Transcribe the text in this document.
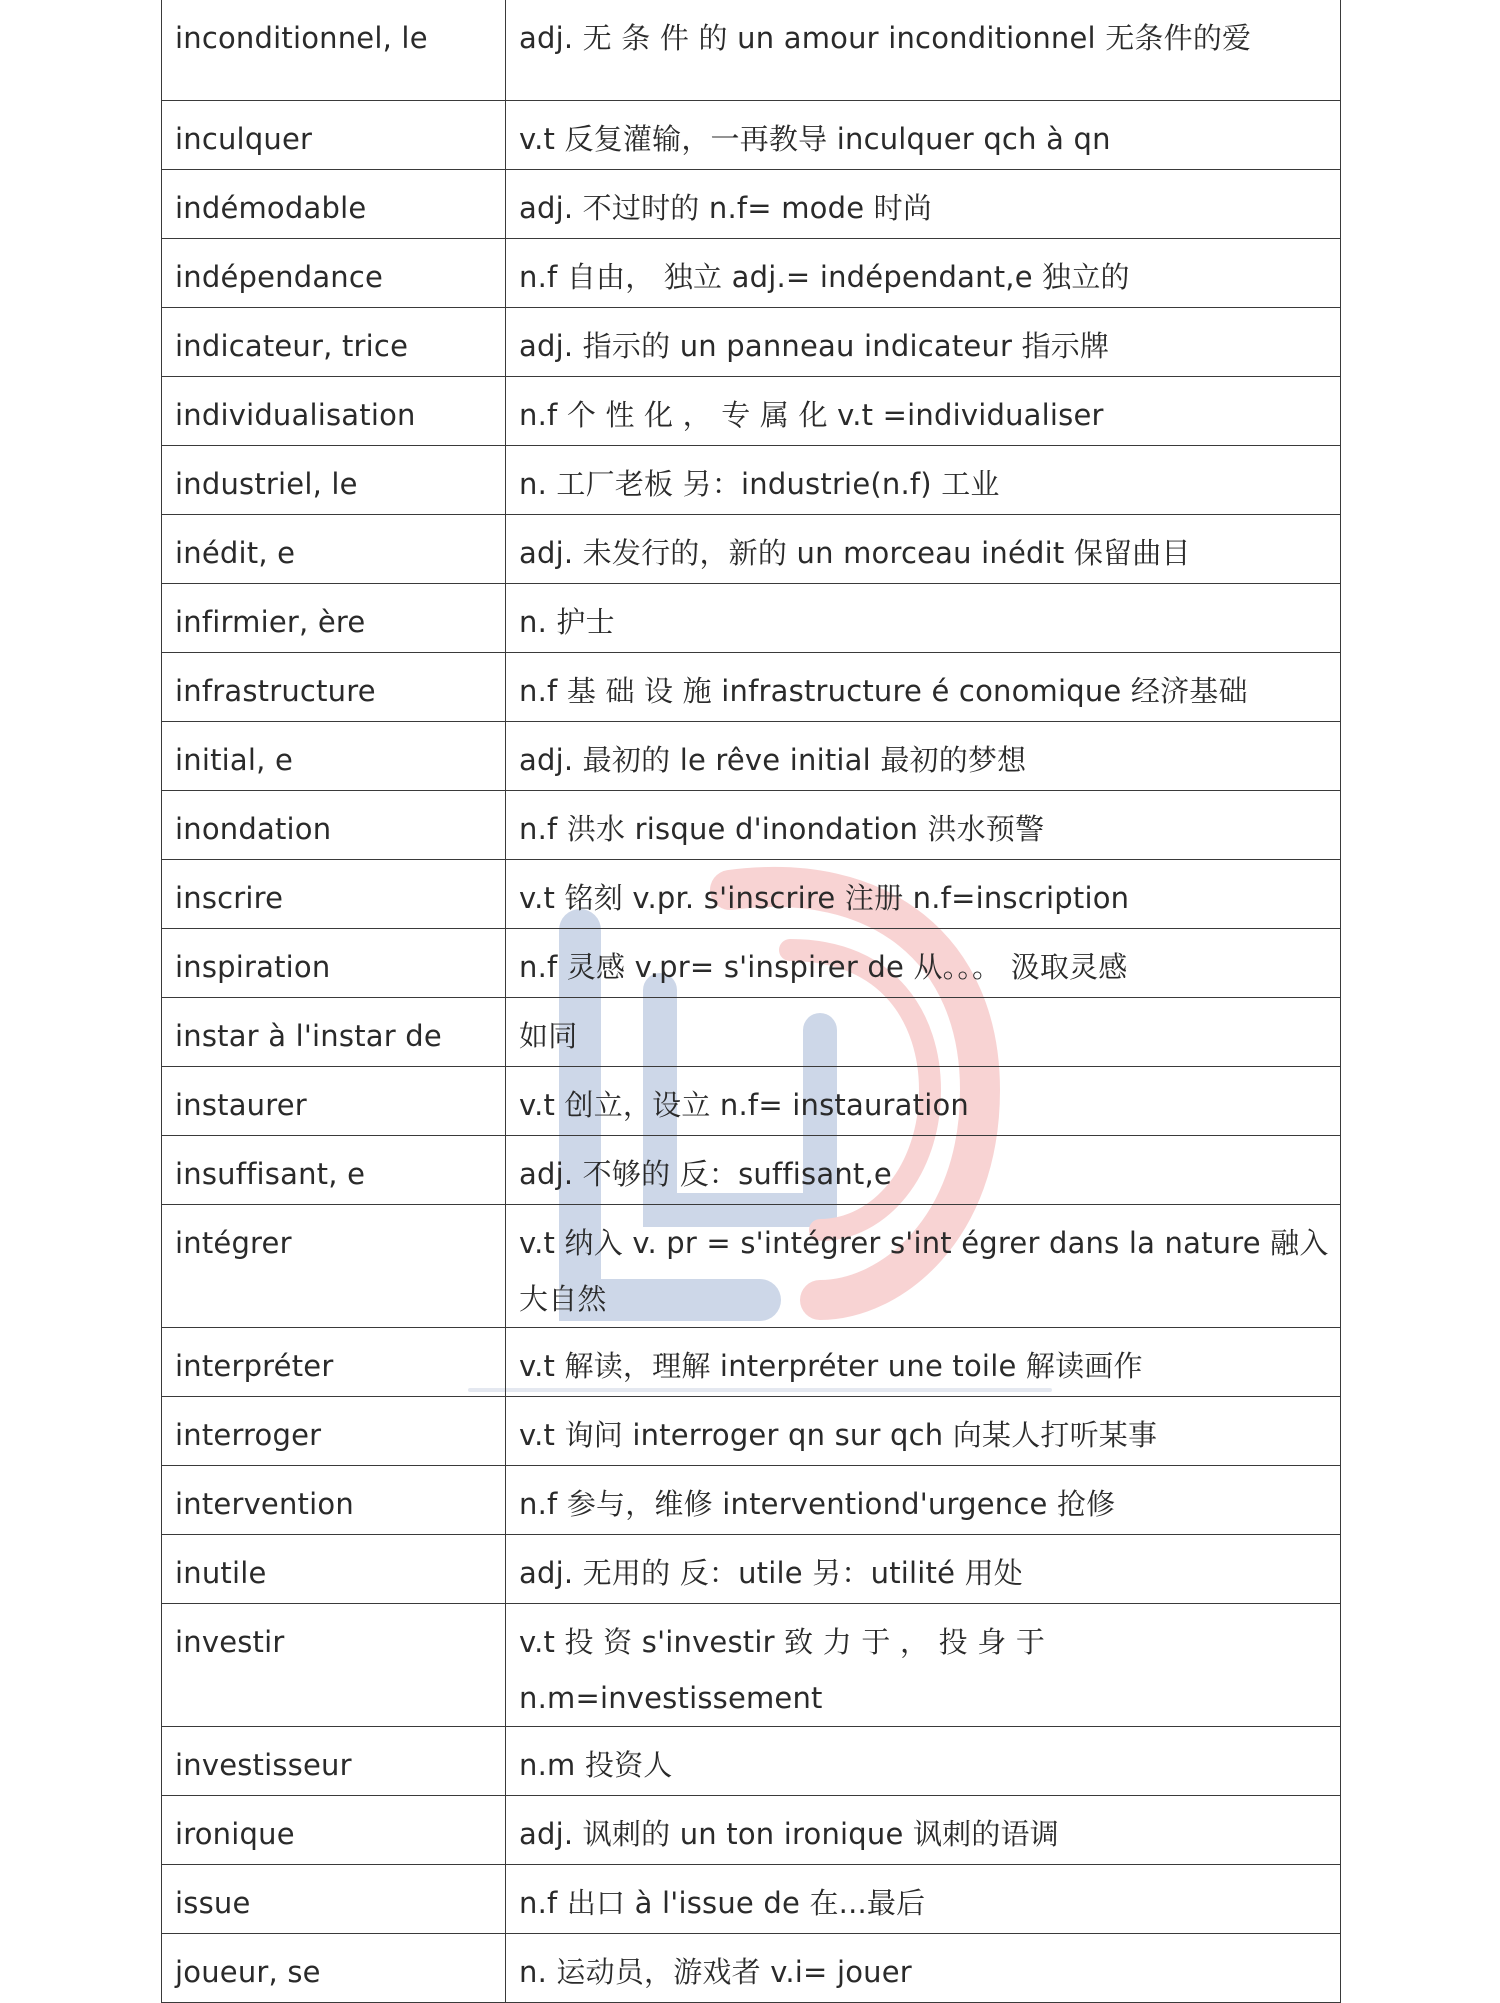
inconditionnel, le	adj. 无 条 件 的 un amour inconditionnel 无条件的爱
inculquer	v.t 反复灌输，一再教导 inculquer qch à qn
indémodable	adj. 不过时的 n.f= mode 时尚
indépendance	n.f 自由， 独立 adj.= indépendant,e 独立的
indicateur, trice	adj. 指示的 un panneau indicateur 指示牌
individualisation	n.f 个 性 化 ， 专 属 化 v.t =individualiser
industriel, le	n. 工厂老板 另：industrie(n.f) 工业
inédit, e	adj. 未发行的，新的 un morceau inédit 保留曲目
infirmier, ère	n. 护士
infrastructure	n.f 基 础 设 施 infrastructure é conomique 经济基础
initial, e	adj. 最初的 le rêve initial 最初的梦想
inondation	n.f 洪水 risque d'inondation 洪水预警
inscrire	v.t 铭刻 v.pr. s'inscrire 注册 n.f=inscription
inspiration	n.f 灵感 v.pr= s'inspirer de 从。。。 汲取灵感
instar à l'instar de	如同
instaurer	v.t 创立，设立 n.f= instauration
insuffisant, e	adj. 不够的 反：suffisant,e
intégrer	v.t 纳入 v. pr = s'intégrer s'int égrer dans la nature 融入大自然
interpréter	v.t 解读，理解 interpréter une toile 解读画作
interroger	v.t 询问 interroger qn sur qch 向某人打听某事
intervention	n.f 参与，维修 interventiond'urgence 抢修
inutile	adj. 无用的 反：utile 另：utilité 用处
investir	v.t 投 资 s'investir 致 力 于 ， 投 身 于 n.m=investissement
investisseur	n.m 投资人
ironique	adj. 讽刺的 un ton ironique 讽刺的语调
issue	n.f 出口 à l'issue de 在...最后
joueur, se	n. 运动员，游戏者 v.i= jouer
